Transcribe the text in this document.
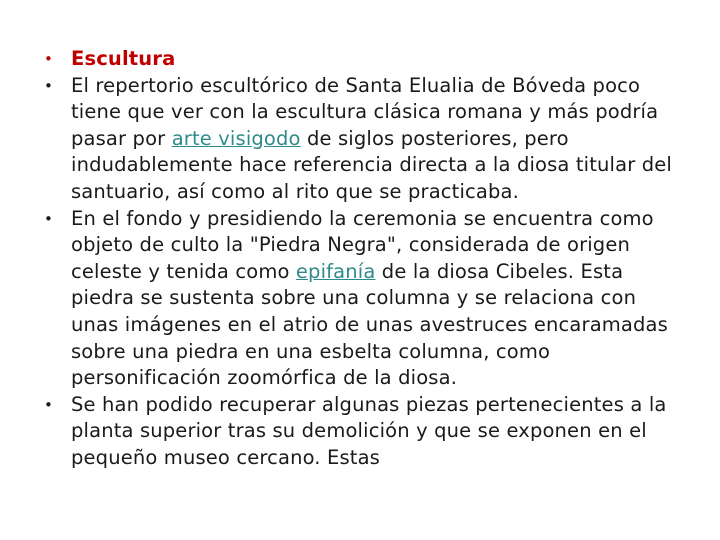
• Escultura
• El repertorio escultórico de Santa Elualia de Bóveda poco tiene que ver con la escultura clásica romana y más podría pasar por arte visigodo de siglos posteriores, pero indudablemente hace referencia directa a la diosa titular del santuario, así como al rito que se practicaba.
• En el fondo y presidiendo la ceremonia se encuentra como objeto de culto la "Piedra Negra", considerada de origen celeste y tenida como epifanía de la diosa Cibeles. Esta piedra se sustenta sobre una columna y se relaciona con unas imágenes en el atrio de unas avestruces encaramadas sobre una piedra en una esbelta columna, como personificación zoomórfica de la diosa.
• Se han podido recuperar algunas piezas pertenecientes a la planta superior tras su demolición y que se exponen en el pequeño museo cercano. Estas
